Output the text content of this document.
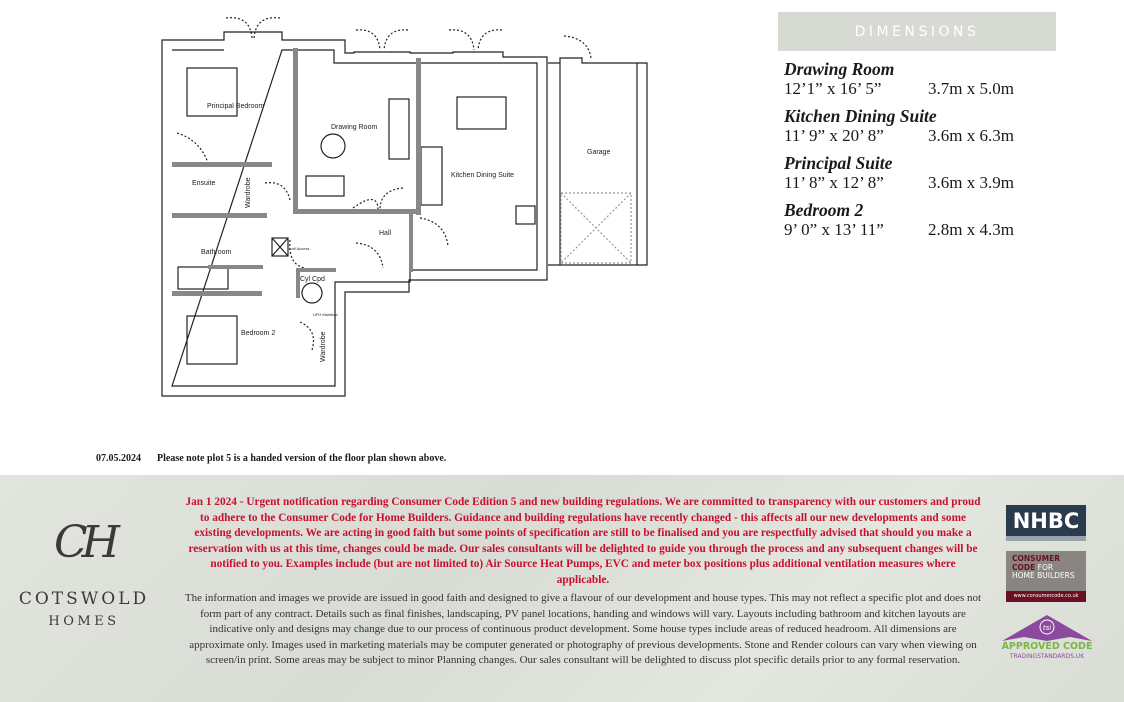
Principal Bedroom
Drawing Room
Kitchen Dining Suite
Garage
Ensuite	Wardrobe
Bathroom
Hall
Loft Access
Cyl Cpd
UFH Manifold
Bedroom 2	Wardrobe
DIMENSIONS
Drawing Room
12’1” x 16’ 5”	3.7m x 5.0m
Kitchen Dining Suite
11’ 9” x 20’ 8”	3.6m x 6.3m
Principal Suite
11’ 8” x 12’ 8”	3.6m x 3.9m
Bedroom 2
9’ 0” x 13’ 11”	2.8m x 4.3m
07.05.2024 Please note plot 5 is a handed version of the floor plan shown above.
CH
COTSWOLD
HOMES
Jan 1 2024 - Urgent notification regarding Consumer Code Edition 5 and new building regulations. We are committed to transparency with our customers and proud to adhere to the Consumer Code for Home Builders. Guidance and building regulations have recently changed - this affects all our new developments and some existing developments. We are acting in good faith but some points of specification are still to be finalised and you are respectfully advised that should you make a reservation with us at this time, changes could be made. Our sales consultants will be delighted to guide you through the process and any subsequent changes will be notified to you. Examples include (but are not limited to) Air Source Heat Pumps, EVC and meter box positions plus additional ventilation measures where applicable.
The information and images we provide are issued in good faith and designed to give a flavour of our development and house types. This may not reflect a specific plot and does not form part of any contract. Details such as final finishes, landscaping, PV panel locations, handing and windows will vary. Layouts including bathroom and kitchen layouts are indicative only and designs may change due to our process of continuous product development. Some house types include areas of reduced headroom. All dimensions are approximate only. Images used in marketing materials may be computer generated or photography of previous developments. Stone and Render colours can vary when viewing on screen/in print. Some areas may be subject to minor Planning changes. Our sales consultant will be delighted to discuss plot specific details prior to any formal reservation.
NHBC
CONSUMER
CODE FOR
HOME BUILDERS
www.consumercode.co.uk
tsi
APPROVED CODE
TRADINGSTANDARDS.UK
